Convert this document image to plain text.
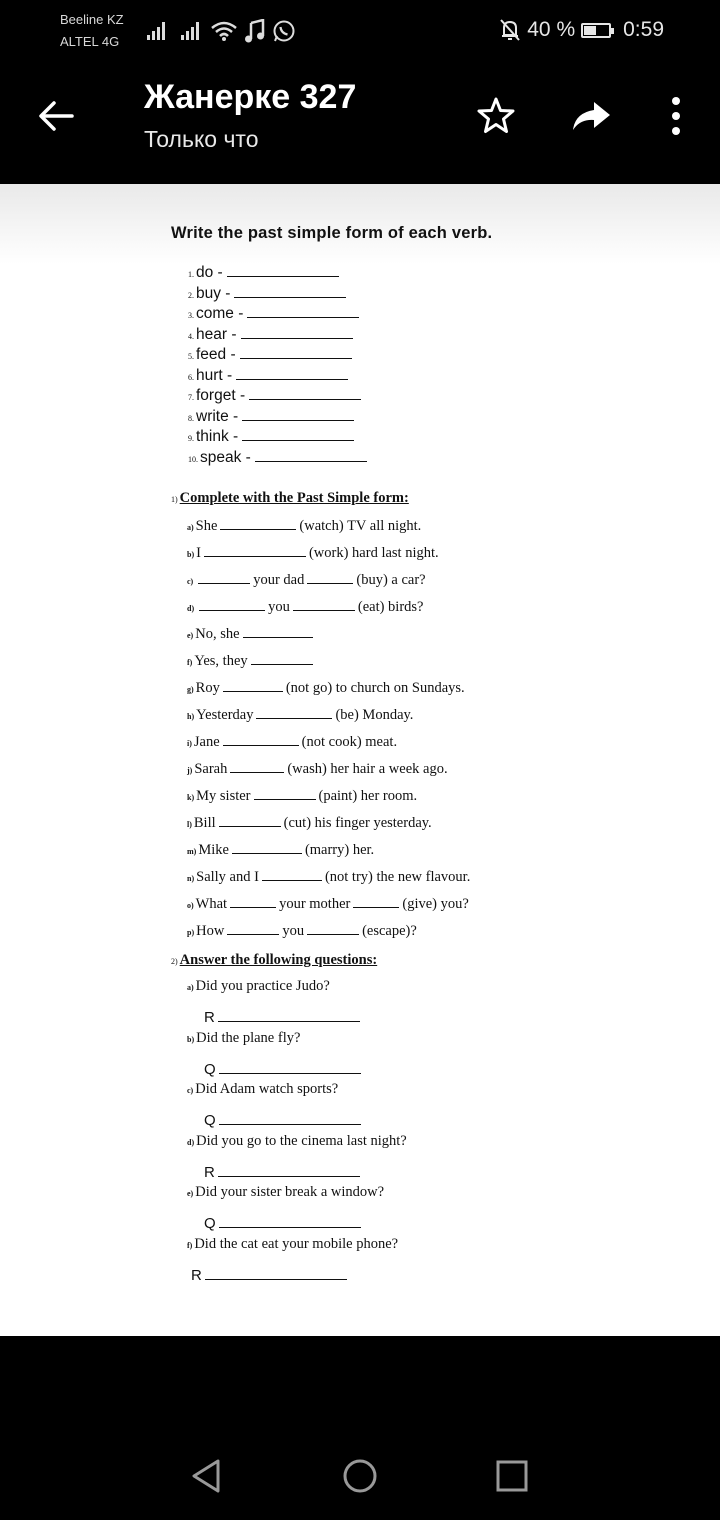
Beeline KZ
ALTEL 4G
40 % 0:59
Жанерке 327
Только что
Write the past simple form of each verb.
1. do -
2. buy -
3. come -
4. hear -
5. feed -
6. hurt -
7. forget -
8. write -
9. think -
10. speak -
1) Complete with the Past Simple form:
a) She	(watch) TV all night.
b) I	(work) hard last night.
c)	your dad	(buy) a car?
d)	you	(eat) birds?
e) No, she
f) Yes, they
g) Roy	(not go) to church on Sundays.
h) Yesterday	(be) Monday.
i) Jane	(not cook) meat.
j) Sarah	(wash) her hair a week ago.
k) My sister	(paint) her room.
l) Bill	(cut) his finger yesterday.
m) Mike	(marry) her.
n) Sally and I	(not try) the new flavour.
o) What	your mother	(give) you?
p) How	you	(escape)?
2) Answer the following questions:
a) Did you practice Judo?
R
b) Did the plane fly?
Q
c) Did Adam watch sports?
Q
d) Did you go to the cinema last night?
R
e) Did your sister break a window?
Q
f) Did the cat eat your mobile phone?
R
